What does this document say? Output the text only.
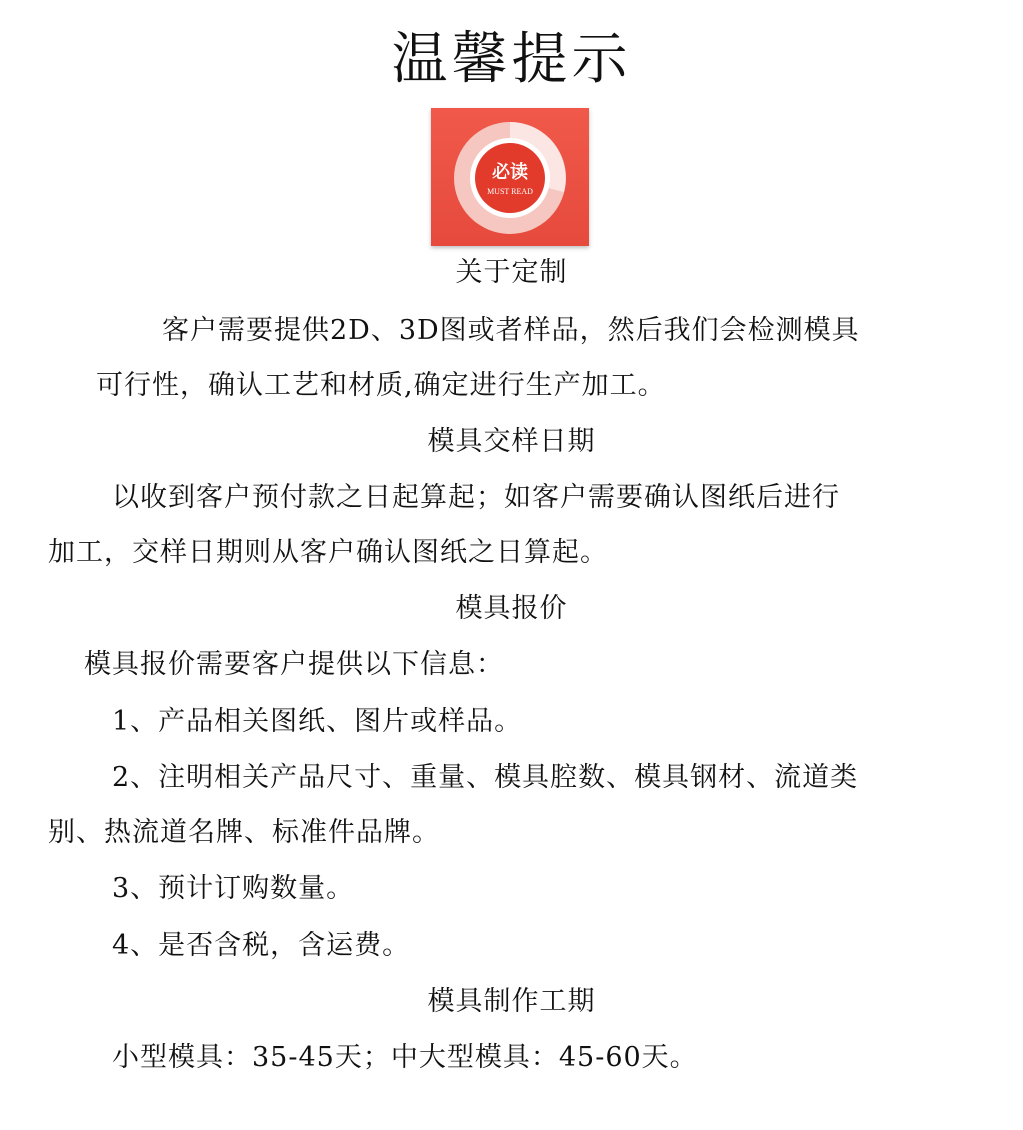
温馨提示
必读
MUST READ
关于定制
客户需要提供2D、3D图或者样品，然后我们会检测模具
可行性，确认工艺和材质,确定进行生产加工。
模具交样日期
以收到客户预付款之日起算起；如客户需要确认图纸后进行
加工，交样日期则从客户确认图纸之日算起。
模具报价
模具报价需要客户提供以下信息：
1、产品相关图纸、图片或样品。
2、注明相关产品尺寸、重量、模具腔数、模具钢材、流道类
别、热流道名牌、标准件品牌。
3、预计订购数量。
4、是否含税，含运费。
模具制作工期
小型模具：35-45天；中大型模具：45-60天。
